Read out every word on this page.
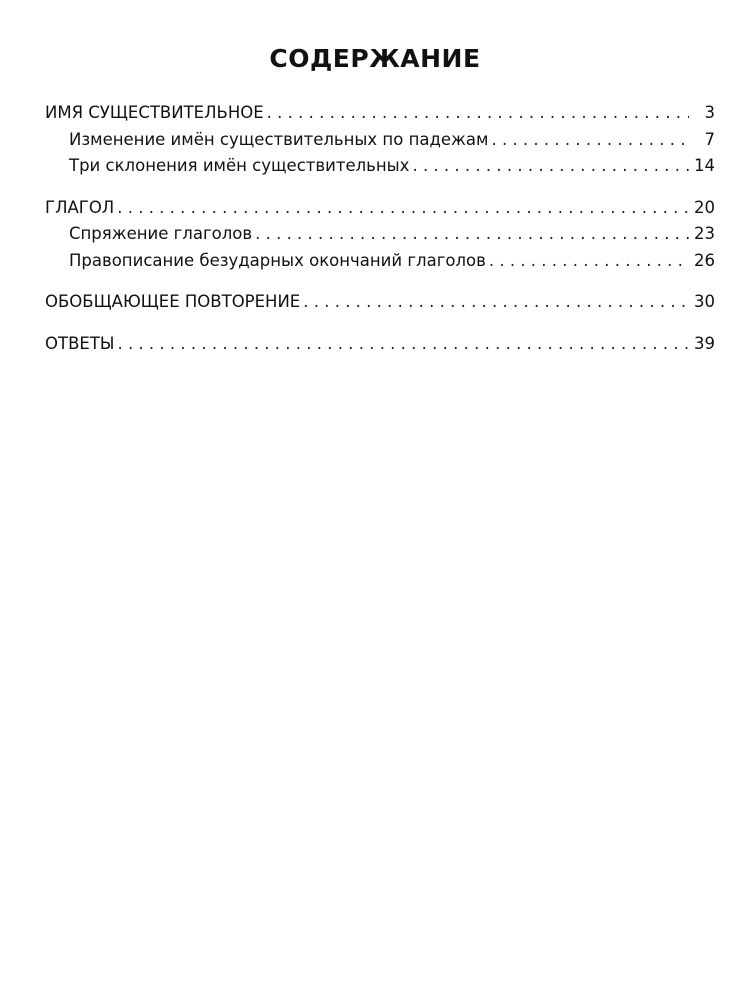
СОДЕРЖАНИЕ
ИМЯ СУЩЕСТВИТЕЛЬНОЕ . . .	3
Изменение имён существительных по падежам . . .	7
Три склонения имён существительных . . .	14
ГЛАГОЛ . . .	20
Спряжение глаголов . . .	23
Правописание безударных окончаний глаголов . . .	26
ОБОБЩАЮЩЕЕ ПОВТОРЕНИЕ . . .	30
ОТВЕТЫ . . .	39
